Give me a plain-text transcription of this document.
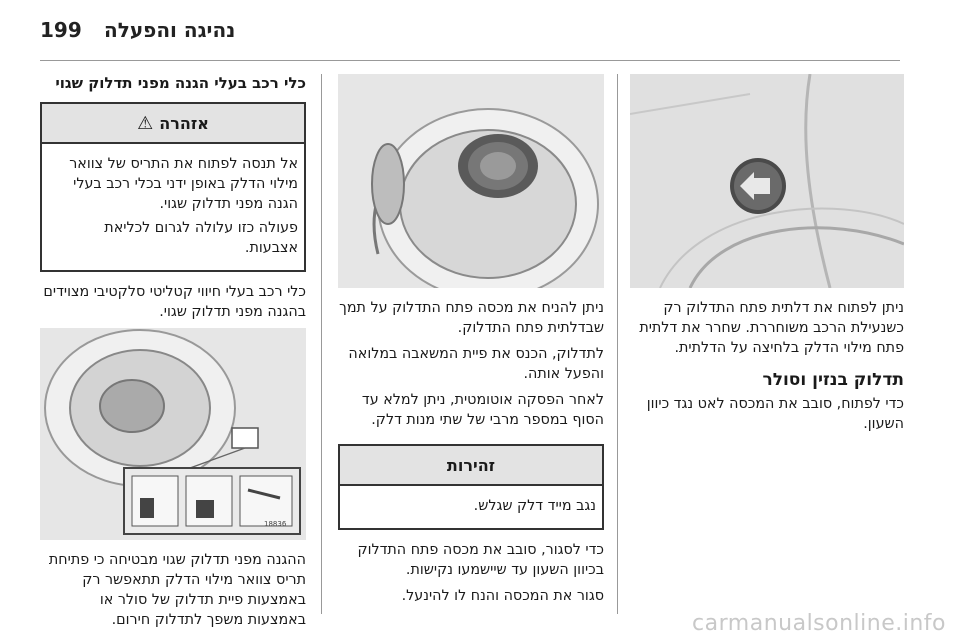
199 נהיגה והפעלה

ניתן לפתוח את דלתית פתח התדלוק רק כשנעילת הרכב משוחררת. שחרר את דלתית פתח מילוי הדלק בלחיצה על הדלתית.

תדלוק בנזין וסולר

כדי לפתוח, סובב את המכסה לאט נגד כיוון השעון.

ניתן להניח את מכסה פתח התדלוק על תמך שבדלתית פתח התדלוק.

לתדלוק, הכנס את פיית המשאבה במלואה והפעל אותה.

לאחר הפסקה אוטומטית, ניתן למלא עד הסוף במספר מרבי של שתי מנות דלק.

זהירות

נגב מייד דלק שגלש.

כדי לסגור, סובב את מכסה פתח התדלוק בכיוון השעון עד שיישמעו נקישות.

סגור את המכסה והנח לו להינעל.

כלי רכב בעלי הגנה מפני תדלוק שגוי
אזהרה
⚠

אל תנסה לפתוח את התריס של צוואר מילוי הדלק באופן ידני בכלי רכב בעלי הגנה מפני תדלוק שגוי.

פעולה כזו עלולה לגרום לכליאת אצבעות.

כלי רכב בעלי חיווי קטליטי סלקטיבי מצוידים בהגנה מפני תדלוק שגוי.

18836

ההגנה מפני תדלוק שגוי מבטיחה כי פתיחת תריס צוואר מילוי הדלק תתאפשר רק באמצעות פיית תדלוק של סולר או באמצעות משפך לתדלוק חירום.	carmanualsonline.info
